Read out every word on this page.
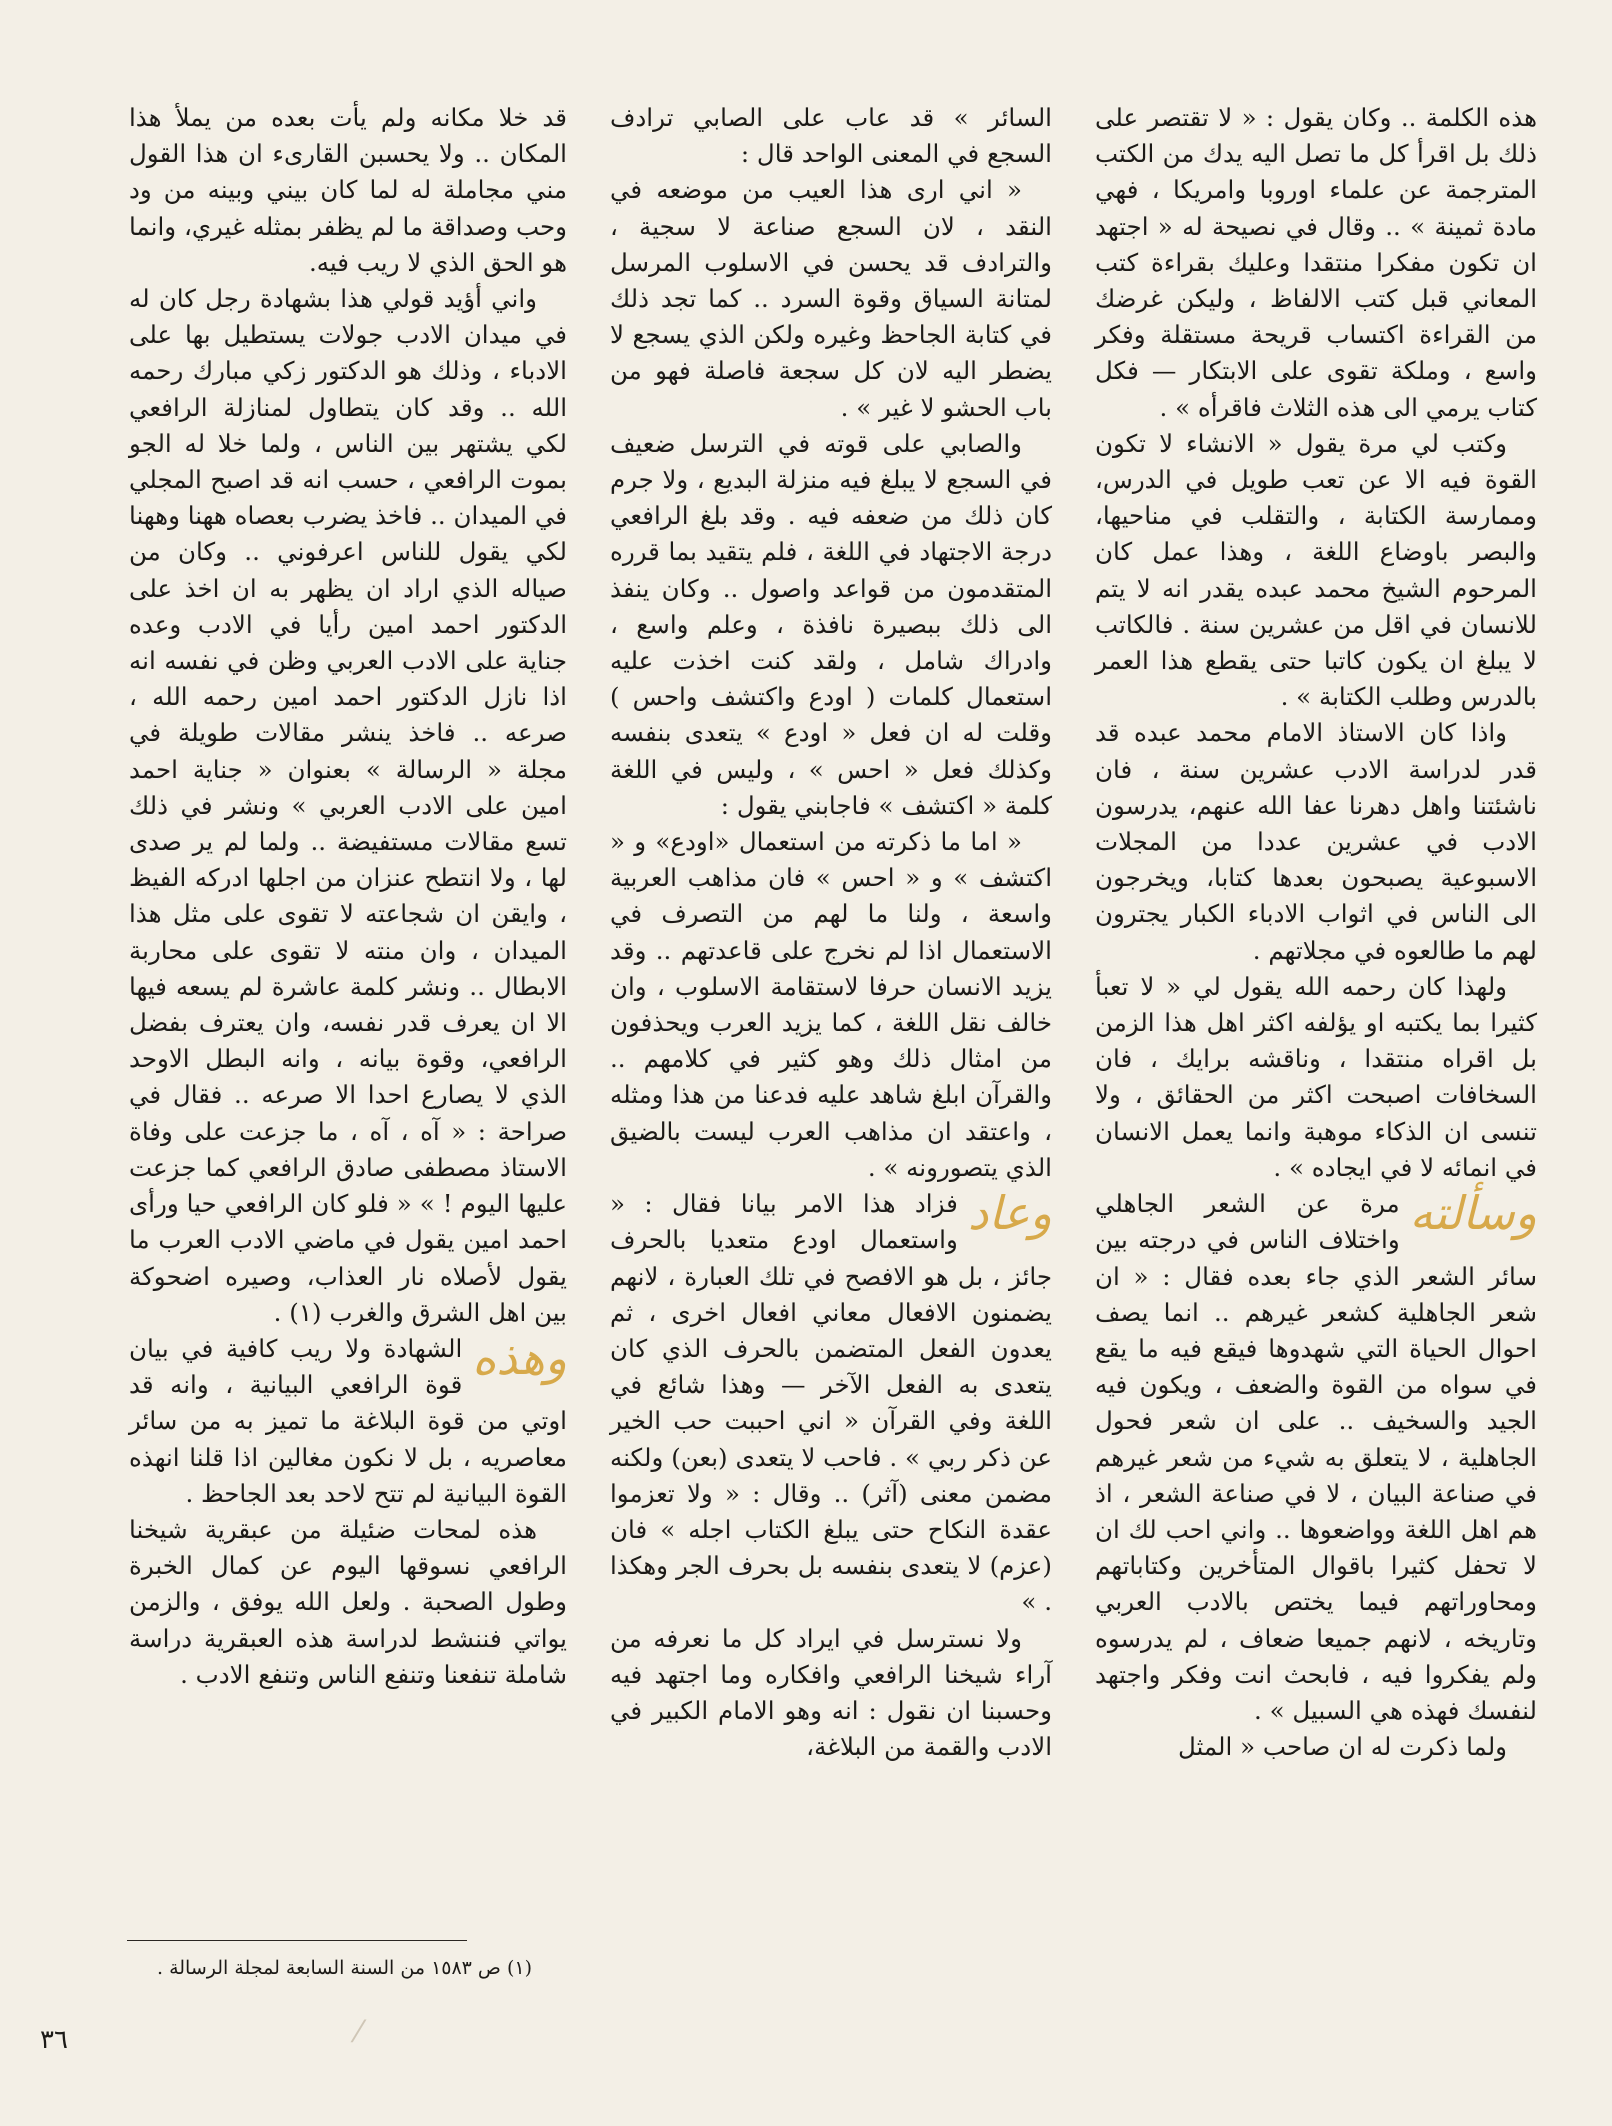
هذه الكلمة .. وكان يقول : « لا تقتصر على ذلك بل اقرأ كل ما تصل اليه يدك من الكتب المترجمة عن علماء اوروبا وامريكا ، فهي مادة ثمينة » .. وقال في نصيحة له « اجتهد ان تكون مفكرا منتقدا وعليك بقراءة كتب المعاني قبل كتب الالفاظ ، وليكن غرضك من القراءة اكتساب قريحة مستقلة وفكر واسع ، وملكة تقوى على الابتكار — فكل كتاب يرمي الى هذه الثلاث فاقرأه » .

وكتب لي مرة يقول « الانشاء لا تكون القوة فيه الا عن تعب طويل في الدرس، وممارسة الكتابة ، والتقلب في مناحيها، والبصر باوضاع اللغة ، وهذا عمل كان المرحوم الشيخ محمد عبده يقدر انه لا يتم للانسان في اقل من عشرين سنة . فالكاتب لا يبلغ ان يكون كاتبا حتى يقطع هذا العمر بالدرس وطلب الكتابة » .

واذا كان الاستاذ الامام محمد عبده قد قدر لدراسة الادب عشرين سنة ، فان ناشئتنا واهل دهرنا عفا الله عنهم، يدرسون الادب في عشرين عددا من المجلات الاسبوعية يصبحون بعدها كتابا، ويخرجون الى الناس في اثواب الادباء الكبار يجترون لهم ما طالعوه في مجلاتهم .

ولهذا كان رحمه الله يقول لي « لا تعبأ كثيرا بما يكتبه او يؤلفه اكثر اهل هذا الزمن بل اقراه منتقدا ، وناقشه برايك ، فان السخافات اصبحت اكثر من الحقائق ، ولا تنسى ان الذكاء موهبة وانما يعمل الانسان في انمائه لا في ايجاده » .

وسألته
مرة عن الشعر الجاهلي واختلاف الناس في درجته بين سائر الشعر الذي جاء بعده فقال : « ان شعر الجاهلية كشعر غيرهم .. انما يصف احوال الحياة التي شهدوها فيقع فيه ما يقع في سواه من القوة والضعف ، ويكون فيه الجيد والسخيف .. على ان شعر فحول الجاهلية ، لا يتعلق به شيء من شعر غيرهم في صناعة البيان ، لا في صناعة الشعر ، اذ هم اهل اللغة وواضعوها .. واني احب لك ان لا تحفل كثيرا باقوال المتأخرين وكتاباتهم ومحاوراتهم فيما يختص بالادب العربي وتاريخه ، لانهم جميعا ضعاف ، لم يدرسوه ولم يفكروا فيه ، فابحث انت وفكر واجتهد لنفسك فهذه هي السبيل » .

ولما ذكرت له ان صاحب « المثل

السائر » قد عاب على الصابي ترادف السجع في المعنى الواحد قال :

« اني ارى هذا العيب من موضعه في النقد ، لان السجع صناعة لا سجية ، والترادف قد يحسن في الاسلوب المرسل لمتانة السياق وقوة السرد .. كما تجد ذلك في كتابة الجاحظ وغيره ولكن الذي يسجع لا يضطر اليه لان كل سجعة فاصلة فهو من باب الحشو لا غير » .

والصابي على قوته في الترسل ضعيف في السجع لا يبلغ فيه منزلة البديع ، ولا جرم كان ذلك من ضعفه فيه . وقد بلغ الرافعي درجة الاجتهاد في اللغة ، فلم يتقيد بما قرره المتقدمون من قواعد واصول .. وكان ينفذ الى ذلك ببصيرة نافذة ، وعلم واسع ، وادراك شامل ، ولقد كنت اخذت عليه استعمال كلمات ( اودع واكتشف واحس ) وقلت له ان فعل « اودع » يتعدى بنفسه وكذلك فعل « احس » ، وليس في اللغة كلمة « اكتشف » فاجابني يقول :

« اما ما ذكرته من استعمال «اودع» و « اكتشف » و « احس » فان مذاهب العربية واسعة ، ولنا ما لهم من التصرف في الاستعمال اذا لم نخرج على قاعدتهم .. وقد يزيد الانسان حرفا لاستقامة الاسلوب ، وان خالف نقل اللغة ، كما يزيد العرب ويحذفون من امثال ذلك وهو كثير في كلامهم .. والقرآن ابلغ شاهد عليه فدعنا من هذا ومثله ، واعتقد ان مذاهب العرب ليست بالضيق الذي يتصورونه » .

وعاد
فزاد هذا الامر بيانا فقال : « واستعمال اودع متعديا بالحرف جائز ، بل هو الافصح في تلك العبارة ، لانهم يضمنون الافعال معاني افعال اخرى ، ثم يعدون الفعل المتضمن بالحرف الذي كان يتعدى به الفعل الآخر — وهذا شائع في اللغة وفي القرآن « اني احببت حب الخير عن ذكر ربي » . فاحب لا يتعدى (بعن) ولكنه مضمن معنى (آثر) .. وقال : « ولا تعزموا عقدة النكاح حتى يبلغ الكتاب اجله » فان (عزم) لا يتعدى بنفسه بل بحرف الجر وهكذا . »

ولا نسترسل في ايراد كل ما نعرفه من آراء شيخنا الرافعي وافكاره وما اجتهد فيه وحسبنا ان نقول : انه وهو الامام الكبير في الادب والقمة من البلاغة،

قد خلا مكانه ولم يأت بعده من يملأ هذا المكان .. ولا يحسبن القارىء ان هذا القول مني مجاملة له لما كان بيني وبينه من ود وحب وصداقة ما لم يظفر بمثله غيري، وانما هو الحق الذي لا ريب فيه.

واني أؤيد قولي هذا بشهادة رجل كان له في ميدان الادب جولات يستطيل بها على الادباء ، وذلك هو الدكتور زكي مبارك رحمه الله .. وقد كان يتطاول لمنازلة الرافعي لكي يشتهر بين الناس ، ولما خلا له الجو بموت الرافعي ، حسب انه قد اصبح المجلي في الميدان .. فاخذ يضرب بعصاه ههنا وههنا لكي يقول للناس اعرفوني .. وكان من صياله الذي اراد ان يظهر به ان اخذ على الدكتور احمد امين رأيا في الادب وعده جناية على الادب العربي وظن في نفسه انه اذا نازل الدكتور احمد امين رحمه الله ، صرعه .. فاخذ ينشر مقالات طويلة في مجلة « الرسالة » بعنوان « جناية احمد امين على الادب العربي » ونشر في ذلك تسع مقالات مستفيضة .. ولما لم ير صدى لها ، ولا انتطح عنزان من اجلها ادركه الفيظ ، وايقن ان شجاعته لا تقوى على مثل هذا الميدان ، وان منته لا تقوى على محاربة الابطال .. ونشر كلمة عاشرة لم يسعه فيها الا ان يعرف قدر نفسه، وان يعترف بفضل الرافعي، وقوة بيانه ، وانه البطل الاوحد الذي لا يصارع احدا الا صرعه .. فقال في صراحة : « آه ، آه ، ما جزعت على وفاة الاستاذ مصطفى صادق الرافعي كما جزعت عليها اليوم ! » « فلو كان الرافعي حيا ورأى احمد امين يقول في ماضي الادب العرب ما يقول لأصلاه نار العذاب، وصيره اضحوكة بين اهل الشرق والغرب (١) .

وهذه
الشهادة ولا ريب كافية في بيان قوة الرافعي البيانية ، وانه قد اوتي من قوة البلاغة ما تميز به من سائر معاصريه ، بل لا نكون مغالين اذا قلنا انهذه القوة البيانية لم تتح لاحد بعد الجاحظ .

هذه لمحات ضئيلة من عبقرية شيخنا الرافعي نسوقها اليوم عن كمال الخبرة وطول الصحبة . ولعل الله يوفق ، والزمن يواتي فننشط لدراسة هذه العبقرية دراسة شاملة تنفعنا وتنفع الناس وتنفع الادب .

(١) ص ١٥٨٣ من السنة السابعة لمجلة الرسالة .
٣٦	⁄
